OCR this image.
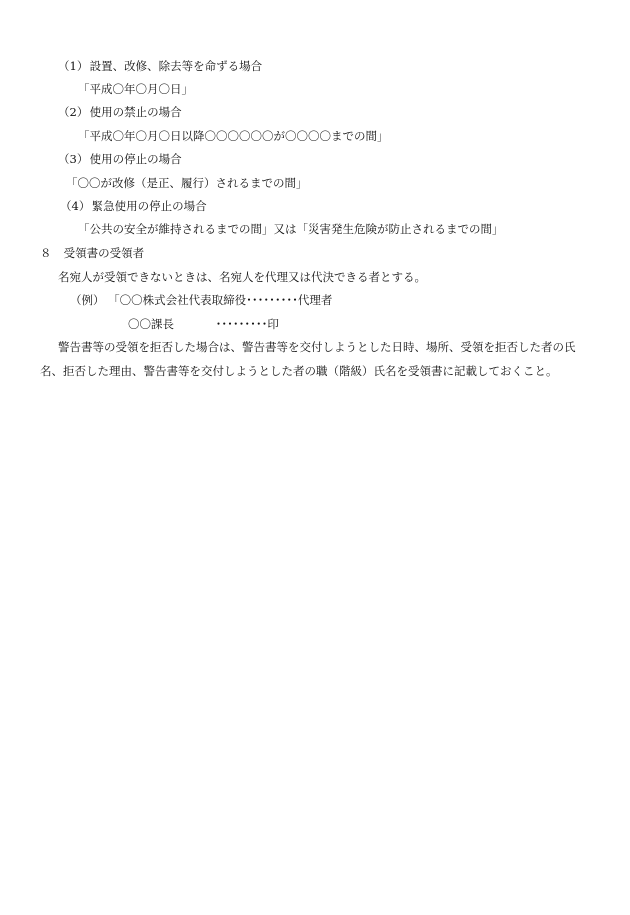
（1） 設置、改修、除去等を命ずる場合
「平成〇年〇月〇日」
（2） 使用の禁止の場合
「平成〇年〇月〇日以降〇〇〇〇〇〇が〇〇〇〇までの間」
（3） 使用の停止の場合
「〇〇が改修（是正、履行）されるまでの間」
（4） 緊急使用の停止の場合
「公共の安全が維持されるまでの間」又は「災害発生危険が防止されるまでの間」
８ 受領書の受領者
名宛人が受領できないときは、名宛人を代理又は代決できる者とする。
（例） 「〇〇株式会社代表取締役･････････代理者
〇〇課長	･････････印
警告書等の受領を拒否した場合は、警告書等を交付しようとした日時、場所、受領を拒否した者の氏
名、拒否した理由、警告書等を交付しようとした者の職（階級）氏名を受領書に記載しておくこと。
